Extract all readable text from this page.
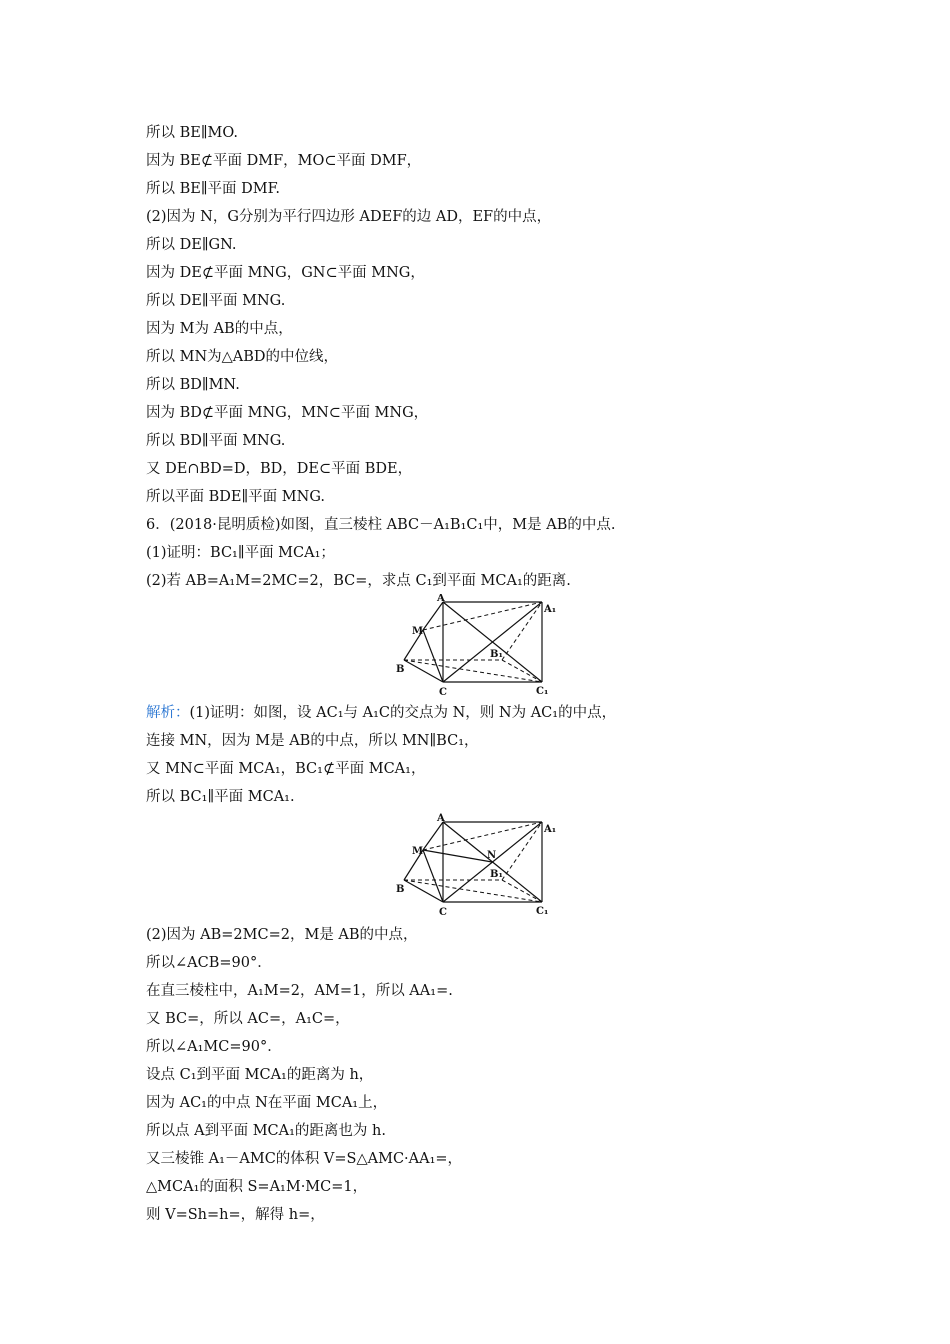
所以 BE∥MO.
因为 BE⊄平面 DMF，MO⊂平面 DMF，
所以 BE∥平面 DMF.
(2)因为 N，G分别为平行四边形 ADEF的边 AD，EF的中点，
所以 DE∥GN.
因为 DE⊄平面 MNG，GN⊂平面 MNG，
所以 DE∥平面 MNG.
因为 M为 AB的中点，
所以 MN为△ABD的中位线，
所以 BD∥MN.
因为 BD⊄平面 MNG，MN⊂平面 MNG，
所以 BD∥平面 MNG.
又 DE∩BD=D，BD，DE⊂平面 BDE，
所以平面 BDE∥平面 MNG.
6．(2018·昆明质检)如图，直三棱柱 ABC－A₁B₁C₁中，M是 AB的中点.
(1)证明：BC₁∥平面 MCA₁；
(2)若 AB=A₁M=2MC=2，BC=，求点 C₁到平面 MCA₁的距离.
A
A₁
M
B₁
B
C	C₁
解析：(1)证明：如图，设 AC₁与 A₁C的交点为 N，则 N为 AC₁的中点，
连接 MN，因为 M是 AB的中点，所以 MN∥BC₁，
又 MN⊂平面 MCA₁，BC₁⊄平面 MCA₁，
所以 BC₁∥平面 MCA₁.
A
A₁
M	N
B₁
B
C	C₁
(2)因为 AB=2MC=2，M是 AB的中点，
所以∠ACB=90°．
在直三棱柱中，A₁M=2，AM=1，所以 AA₁=.
又 BC=，所以 AC=，A₁C=，
所以∠A₁MC=90°．
设点 C₁到平面 MCA₁的距离为 h，
因为 AC₁的中点 N在平面 MCA₁上，
所以点 A到平面 MCA₁的距离也为 h.
又三棱锥 A₁－AMC的体积 V=S△AMC·AA₁=，
△MCA₁的面积 S=A₁M·MC=1，
则 V=Sh=h=，解得 h=，
